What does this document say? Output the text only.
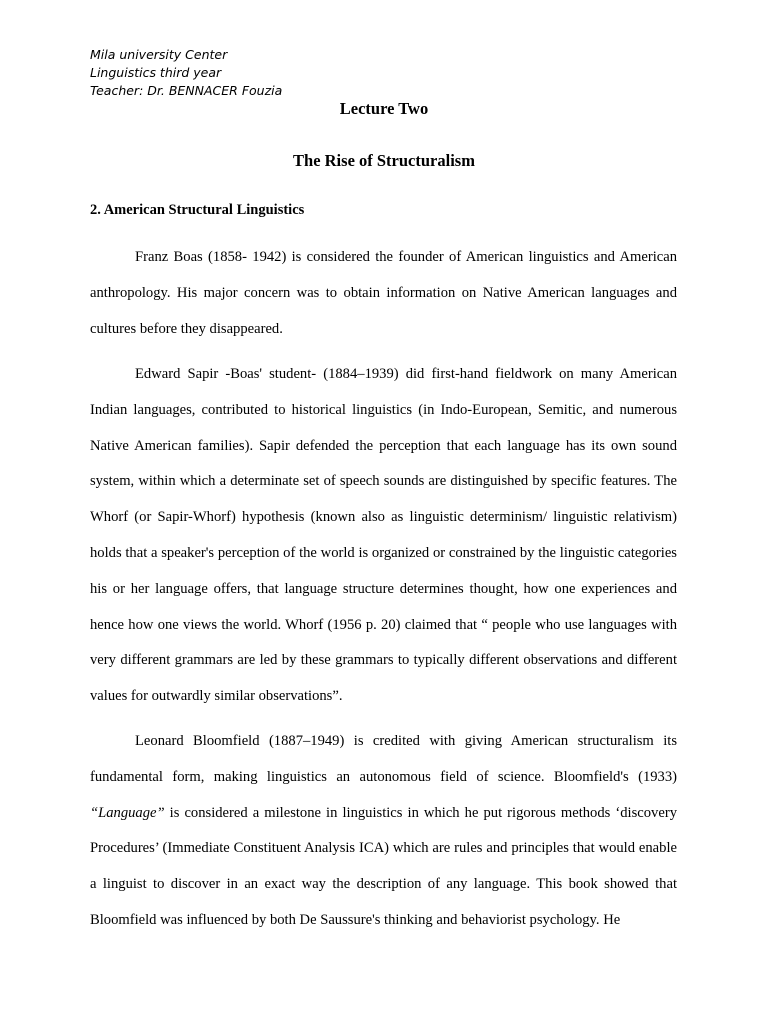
Mila university Center
Linguistics third year
Teacher: Dr. BENNACER Fouzia
Lecture Two
The Rise of Structuralism
2. American Structural Linguistics

Franz Boas (1858- 1942) is considered the founder of American linguistics and American anthropology. His major concern was to obtain information on Native American languages and cultures before they disappeared.

Edward Sapir -Boas' student- (1884–1939) did first-hand fieldwork on many American Indian languages, contributed to historical linguistics (in Indo-European, Semitic, and numerous Native American families). Sapir defended the perception that each language has its own sound system, within which a determinate set of speech sounds are distinguished by specific features. The Whorf (or Sapir-Whorf) hypothesis (known also as linguistic determinism/ linguistic relativism) holds that a speaker's perception of the world is organized or constrained by the linguistic categories his or her language offers, that language structure determines thought, how one experiences and hence how one views the world. Whorf (1956 p. 20) claimed that “ people who use languages with very different grammars are led by these grammars to typically different observations and different values for outwardly similar observations”.

Leonard Bloomfield (1887–1949) is credited with giving American structuralism its fundamental form, making linguistics an autonomous field of science. Bloomfield's (1933) “Language” is considered a milestone in linguistics in which he put rigorous methods ‘discovery Procedures’ (Immediate Constituent Analysis ICA) which are rules and principles that would enable a linguist to discover in an exact way the description of any language. This book showed that Bloomfield was influenced by both De Saussure's thinking and behaviorist psychology. He
